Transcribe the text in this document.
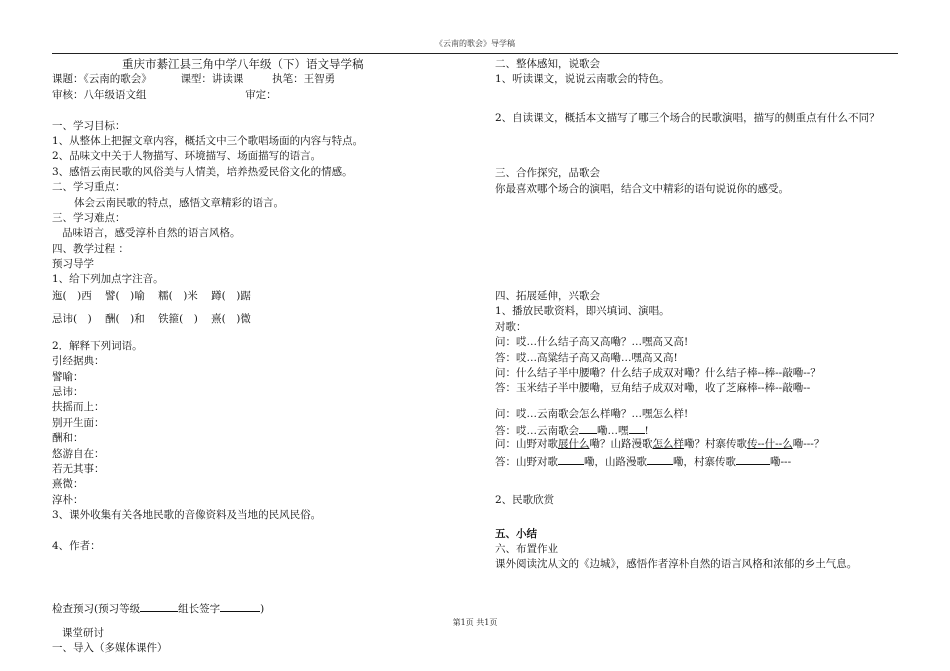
《云南的歌会》导学稿
重庆市綦江县三角中学八年级（下）语文导学稿
课题：《云南的歌会》	课型：讲读课	执笔：王智勇
审核：八年级语文组	审定：
一、学习目标：
1、从整体上把握文章内容，概括文中三个歌唱场面的内容与特点。
2、品味文中关于人物描写、环境描写、场面描写的语言。
3、感悟云南民歌的风俗美与人情美，培养热爱民俗文化的情感。
二、学习重点：
体会云南民歌的特点，感悟文章精彩的语言。
三、学习难点：
品味语言，感受淳朴自然的语言风格。
四、教学过程 ：
预习导学
1、给下列加点字注音。
迤(　)西 譬(　)喻 糯(　)米 蹲(　)踞
忌讳(　) 酬(　)和 铁箍(　) 熹(　)微
2．解释下列词语。
引经据典：
譬喻：
忌讳：
扶摇而上：
别开生面：
酬和：
悠游自在：
若无其事：
熹微：
淳朴：
3、课外收集有关各地民歌的音像资料及当地的民风民俗。
4、作者：
检查预习(预习等级	组长签字	)
课堂研讨
一、导入（多媒体课件）
二、整体感知，说歌会
1、听读课文，说说云南歌会的特色。
2、自读课文，概括本文描写了哪三个场合的民歌演唱，描写的侧重点有什么不同？
三、合作探究，品歌会
你最喜欢哪个场合的演唱，结合文中精彩的语句说说你的感受。
四、拓展延伸，兴歌会
1、播放民歌资料，即兴填词、演唱。
对歌：
问：哎…什么结子高又高嘞？…嘿高又高!
答：哎…高粱结子高又高嘞…嘿高又高!
问：什么结子半中腰嘞？什么结子成双对嘞？什么结子棒--棒--敲嘞--？
答：玉米结子半中腰嘞，豆角结子成双对嘞，收了芝麻棒--棒--敲嘞--
问：哎…云南歌会怎么样嘞？…嘿怎么样!
答：哎…云南歌会 嘞…嘿 !
问：山野对歌展什么嘞？山路漫歌怎么样嘞？村寨传歌传--什--么嘞---？
答：山野对歌 嘞，山路漫歌 嘞，村寨传歌	嘞---
2、民歌欣赏
五、小结
六、布置作业
课外阅读沈从文的《边城》，感悟作者淳朴自然的语言风格和浓郁的乡土气息。
第1页 共1页
